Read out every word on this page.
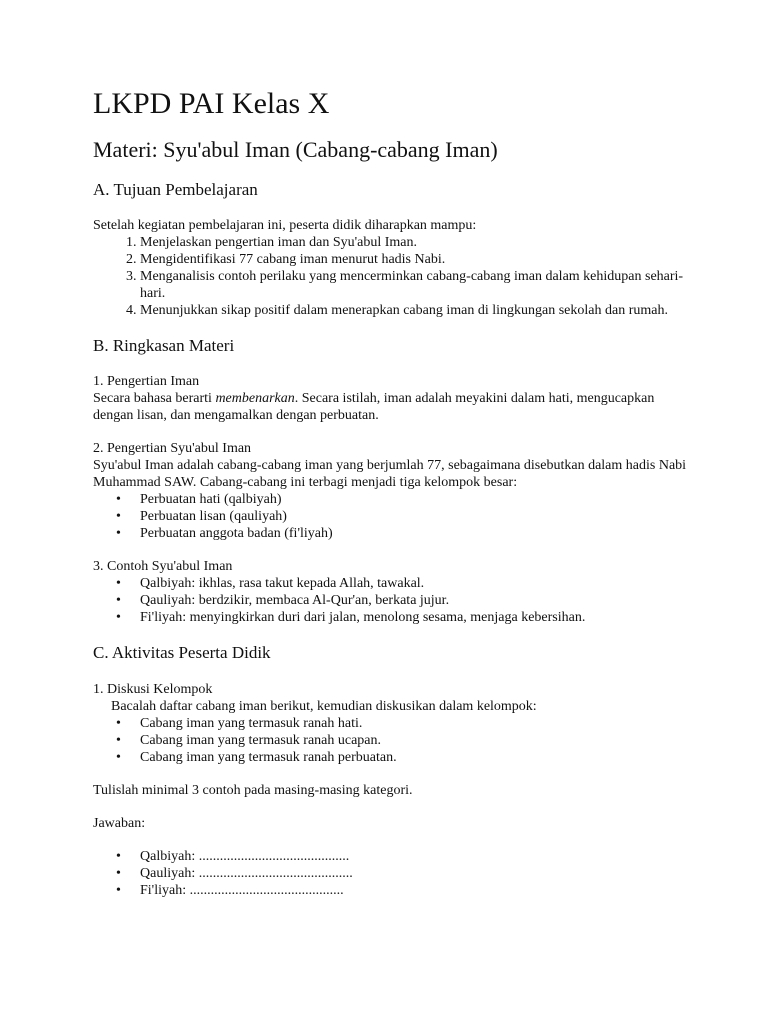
LKPD PAI Kelas X
Materi: Syu'abul Iman (Cabang-cabang Iman)
A. Tujuan Pembelajaran

Setelah kegiatan pembelajaran ini, peserta didik diharapkan mampu:

1. Menjelaskan pengertian iman dan Syu'abul Iman.
2. Mengidentifikasi 77 cabang iman menurut hadis Nabi.
3. Menganalisis contoh perilaku yang mencerminkan cabang-cabang iman dalam kehidupan sehari-hari.
4. Menunjukkan sikap positif dalam menerapkan cabang iman di lingkungan sekolah dan rumah.
B. Ringkasan Materi

1. Pengertian Iman

Secara bahasa berarti membenarkan. Secara istilah, iman adalah meyakini dalam hati, mengucapkan dengan lisan, dan mengamalkan dengan perbuatan.

2. Pengertian Syu'abul Iman

Syu'abul Iman adalah cabang-cabang iman yang berjumlah 77, sebagaimana disebutkan dalam hadis Nabi Muhammad SAW. Cabang-cabang ini terbagi menjadi tiga kelompok besar:

• Perbuatan hati (qalbiyah)
• Perbuatan lisan (qauliyah)
• Perbuatan anggota badan (fi'liyah)

3. Contoh Syu'abul Iman

• Qalbiyah: ikhlas, rasa takut kepada Allah, tawakal.
• Qauliyah: berdzikir, membaca Al-Qur'an, berkata jujur.
• Fi'liyah: menyingkirkan duri dari jalan, menolong sesama, menjaga kebersihan.
C. Aktivitas Peserta Didik

1. Diskusi Kelompok

Bacalah daftar cabang iman berikut, kemudian diskusikan dalam kelompok:

• Cabang iman yang termasuk ranah hati.
• Cabang iman yang termasuk ranah ucapan.
• Cabang iman yang termasuk ranah perbuatan.

Tulislah minimal 3 contoh pada masing-masing kategori.

Jawaban:

• Qalbiyah: ...........................................
• Qauliyah: ............................................
• Fi'liyah: ............................................
